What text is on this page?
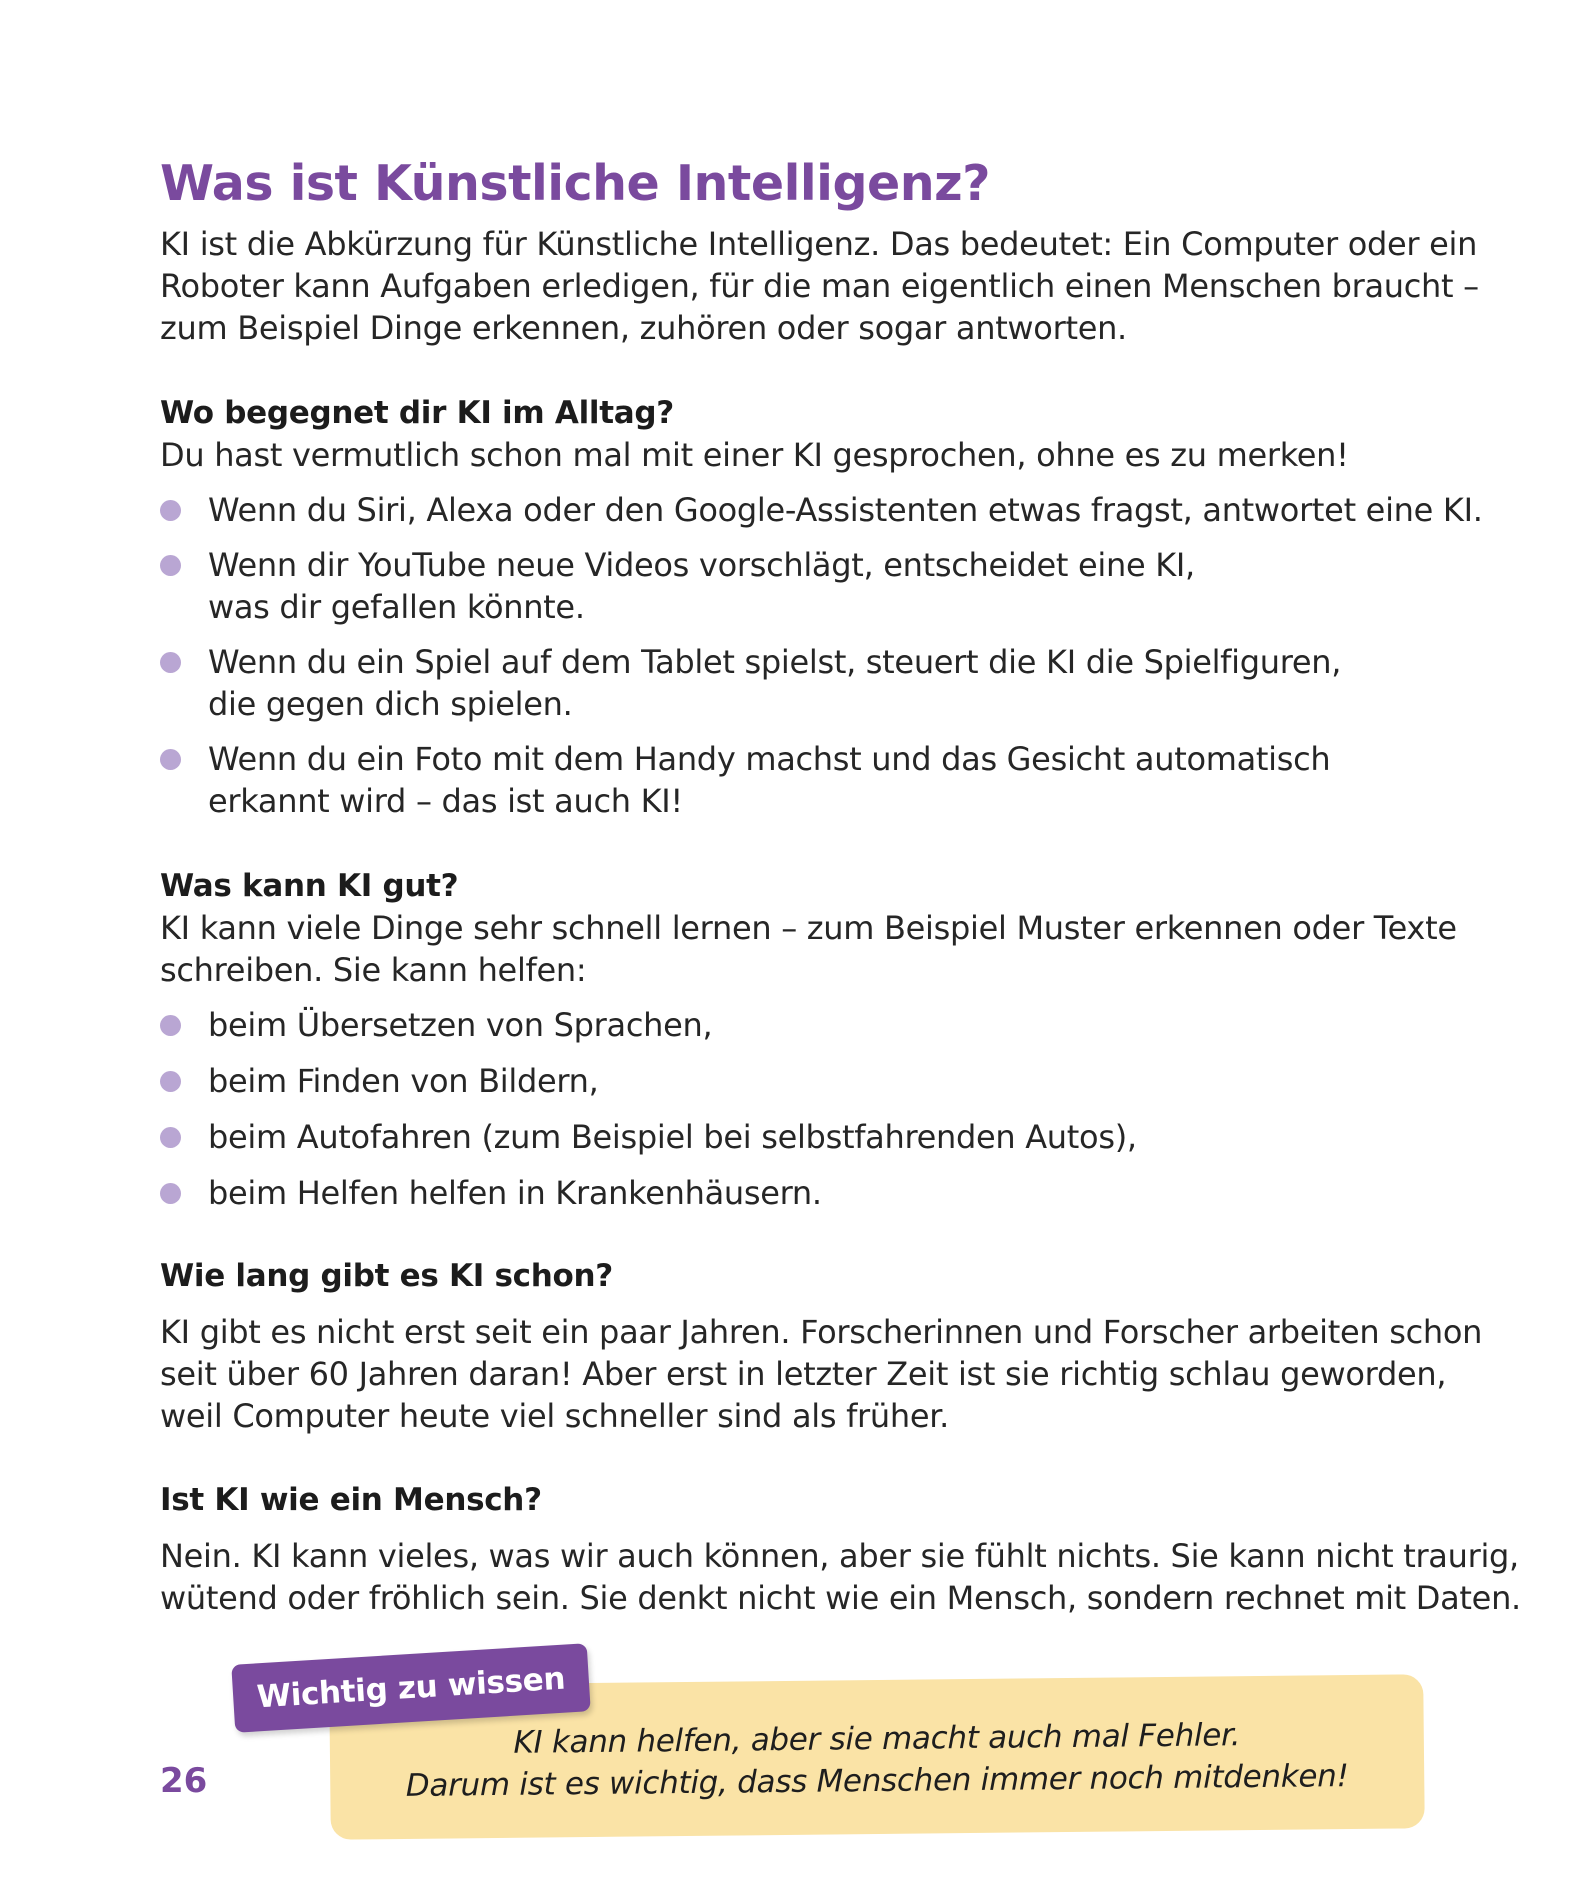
Was ist Künstliche Intelligenz?
KI ist die Abkürzung für Künstliche Intelligenz. Das bedeutet: Ein Computer oder ein
Roboter kann Aufgaben erledigen, für die man eigentlich einen Menschen braucht –
zum Beispiel Dinge erkennen, zuhören oder sogar antworten.
Wo begegnet dir KI im Alltag?
Du hast vermutlich schon mal mit einer KI gesprochen, ohne es zu merken!
Wenn du Siri, Alexa oder den Google-Assistenten etwas fragst, antwortet eine KI.
Wenn dir YouTube neue Videos vorschlägt, entscheidet eine KI,
was dir gefallen könnte.
Wenn du ein Spiel auf dem Tablet spielst, steuert die KI die Spielfiguren,
die gegen dich spielen.
Wenn du ein Foto mit dem Handy machst und das Gesicht automatisch
erkannt wird – das ist auch KI!
Was kann KI gut?
KI kann viele Dinge sehr schnell lernen – zum Beispiel Muster erkennen oder Texte
schreiben. Sie kann helfen:
beim Übersetzen von Sprachen,
beim Finden von Bildern,
beim Autofahren (zum Beispiel bei selbstfahrenden Autos),
beim Helfen helfen in Krankenhäusern.
Wie lang gibt es KI schon?
KI gibt es nicht erst seit ein paar Jahren. Forscherinnen und Forscher arbeiten schon
seit über 60 Jahren daran! Aber erst in letzter Zeit ist sie richtig schlau geworden,
weil Computer heute viel schneller sind als früher.
Ist KI wie ein Mensch?
Nein. KI kann vieles, was wir auch können, aber sie fühlt nichts. Sie kann nicht traurig,
wütend oder fröhlich sein. Sie denkt nicht wie ein Mensch, sondern rechnet mit Daten.
KI kann helfen, aber sie macht auch mal Fehler.
Darum ist es wichtig, dass Menschen immer noch mitdenken!
Wichtig zu wissen
26
